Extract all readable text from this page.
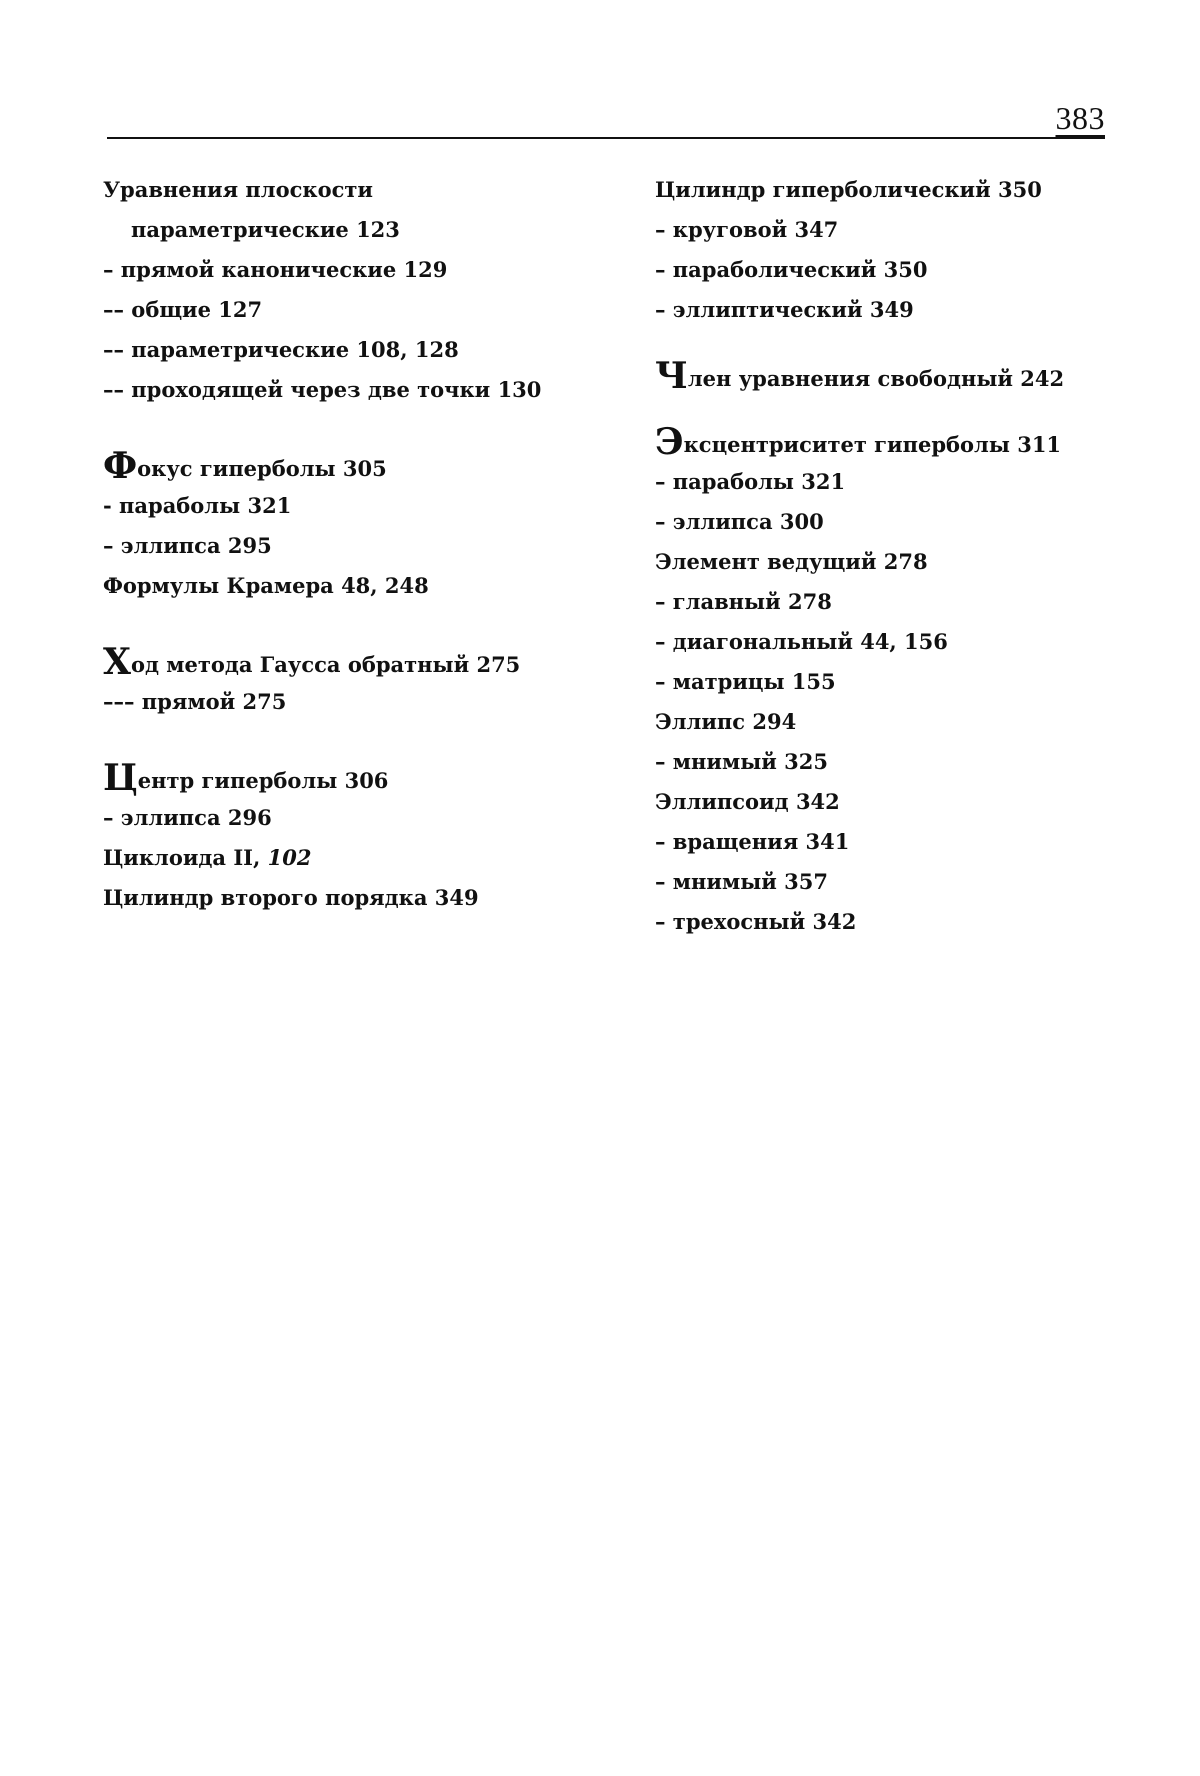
383
Уравнения плоскости
параметрические 123
– прямой канонические 129
–– общие 127
–– параметрические 108, 128
–– проходящей через две точки 130
Фокус гиперболы 305
- параболы 321
– эллипса 295
Формулы Крамера 48, 248
Ход метода Гаусса обратный 275
––– прямой 275
Центр гиперболы 306
– эллипса 296
Циклоида II, 102
Цилиндр второго порядка 349
Цилиндр гиперболический 350
– круговой 347
– параболический 350
– эллиптический 349
Член уравнения свободный 242
Эксцентриситет гиперболы 311
– параболы 321
– эллипса 300
Элемент ведущий 278
– главный 278
– диагональный 44, 156
– матрицы 155
Эллипс 294
– мнимый 325
Эллипсоид 342
– вращения 341
– мнимый 357
– трехосный 342
